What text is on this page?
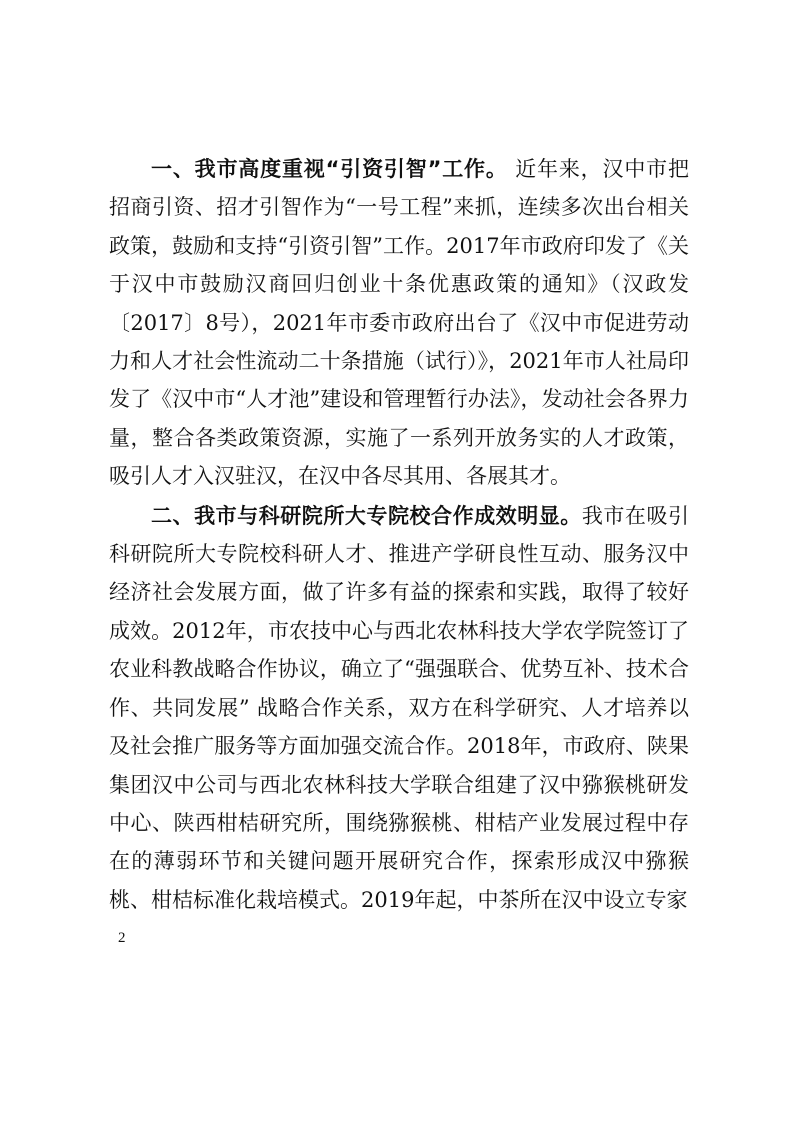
一、我市高度重视“引资引智”工作。 近年来，汉中市把招商引资、招才引智作为“一号工程”来抓，连续多次出台相关政策，鼓励和支持“引资引智”工作。2017年市政府印发了《关于汉中市鼓励汉商回归创业十条优惠政策的通知》（汉政发〔2017〕8号），2021年市委市政府出台了《汉中市促进劳动力和人才社会性流动二十条措施（试行）》，2021年市人社局印发了《汉中市“人才池”建设和管理暂行办法》，发动社会各界力量，整合各类政策资源，实施了一系列开放务实的人才政策，吸引人才入汉驻汉，在汉中各尽其用、各展其才。

二、我市与科研院所大专院校合作成效明显。我市在吸引科研院所大专院校科研人才、推进产学研良性互动、服务汉中经济社会发展方面，做了许多有益的探索和实践，取得了较好成效。2012年，市农技中心与西北农林科技大学农学院签订了农业科教战略合作协议，确立了“强强联合、优势互补、技术合作、共同发展” 战略合作关系，双方在科学研究、人才培养以及社会推广服务等方面加强交流合作。2018年，市政府、陕果集团汉中公司与西北农林科技大学联合组建了汉中猕猴桃研发中心、陕西柑桔研究所，围绕猕猴桃、柑桔产业发展过程中存在的薄弱环节和关键问题开展研究合作，探索形成汉中猕猴桃、柑桔标准化栽培模式。2019年起，中茶所在汉中设立专家

2
